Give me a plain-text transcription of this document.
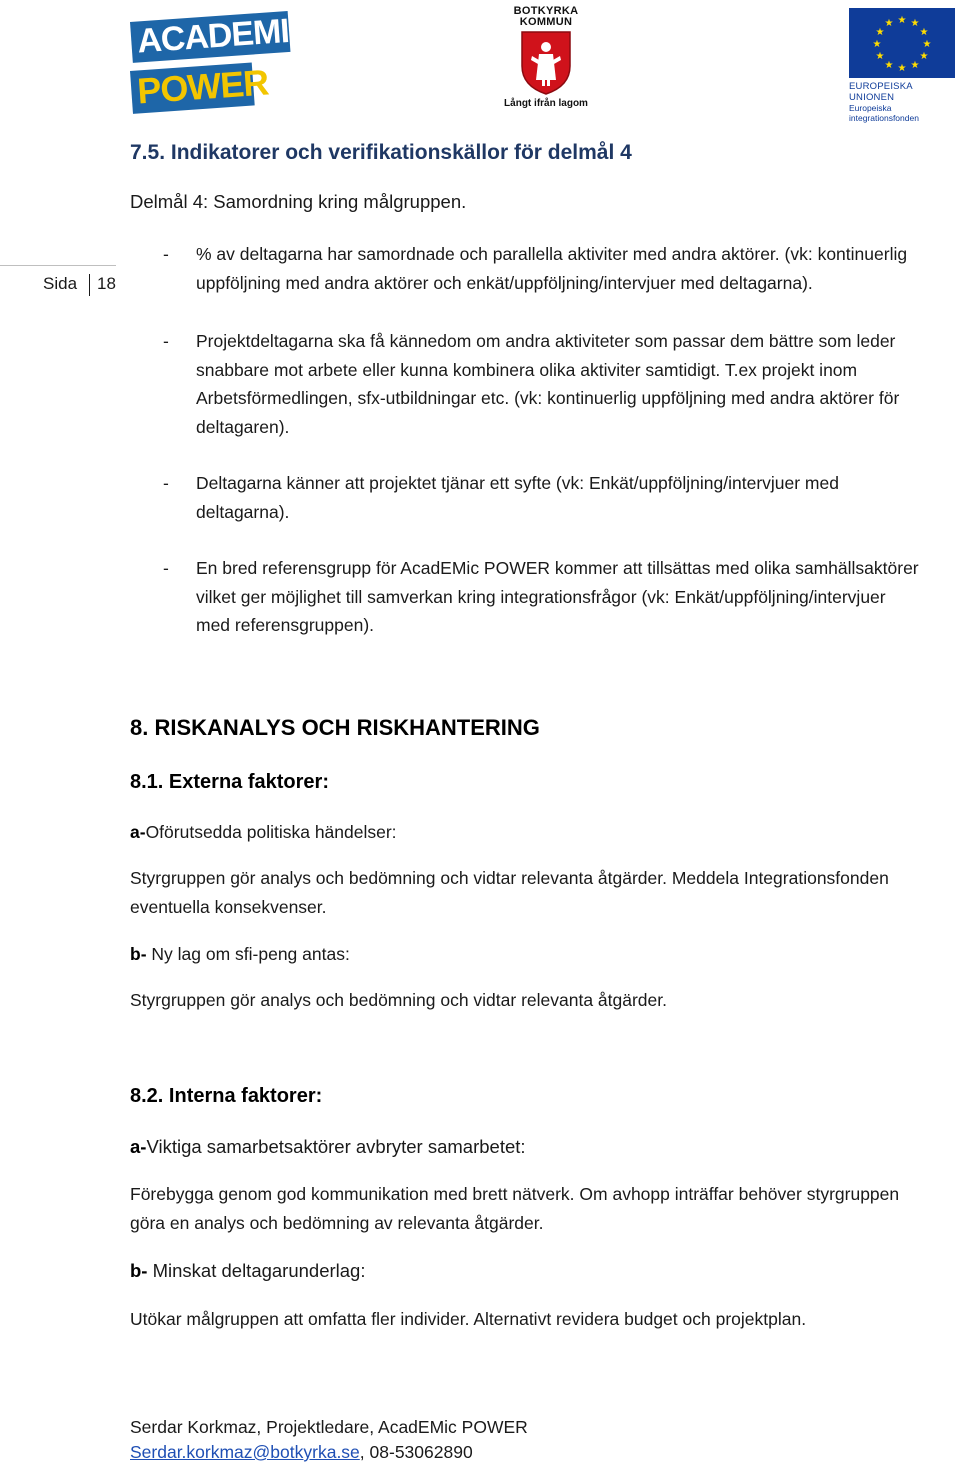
ACADEMIC
POWER
BOTKYRKA
KOMMUN
Långt ifrån lagom
★ ★
★
★
★
★
★
★
★
★
★
★
EUROPEISKA UNIONEN
Europeiska integrationsfonden
Sida 18
7.5. Indikatorer och verifikationskällor för delmål 4
Delmål 4: Samordning kring målgruppen.
- % av deltagarna har samordnade och parallella aktiviter med andra aktörer. (vk: kontinuerlig
uppföljning med andra aktörer och enkät/uppföljning/intervjuer med deltagarna).
- Projektdeltagarna ska få kännedom om andra aktiviteter som passar dem bättre som leder
snabbare mot arbete eller kunna kombinera olika aktiviter samtidigt. T.ex projekt inom
Arbetsförmedlingen, sfx-utbildningar etc. (vk: kontinuerlig uppföljning med andra aktörer för
deltagaren).
- Deltagarna känner att projektet tjänar ett syfte (vk: Enkät/uppföljning/intervjuer med
deltagarna).
- En bred referensgrupp för AcadEMic POWER kommer att tillsättas med olika samhällsaktörer
vilket ger möjlighet till samverkan kring integrationsfrågor (vk: Enkät/uppföljning/intervjuer
med referensgruppen).
8. RISKANALYS OCH RISKHANTERING
8.1. Externa faktorer:
a-Oförutsedda politiska händelser:
Styrgruppen gör analys och bedömning och vidtar relevanta åtgärder. Meddela Integrationsfonden
eventuella konsekvenser.
b- Ny lag om sfi-peng antas:
Styrgruppen gör analys och bedömning och vidtar relevanta åtgärder.
8.2. Interna faktorer:
a-Viktiga samarbetsaktörer avbryter samarbetet:
Förebygga genom god kommunikation med brett nätverk. Om avhopp inträffar behöver styrgruppen
göra en analys och bedömning av relevanta åtgärder.
b- Minskat deltagarunderlag:
Utökar målgruppen att omfatta fler individer. Alternativt revidera budget och projektplan.
Serdar Korkmaz, Projektledare, AcadEMic POWER
Serdar.korkmaz@botkyrka.se, 08-53062890
